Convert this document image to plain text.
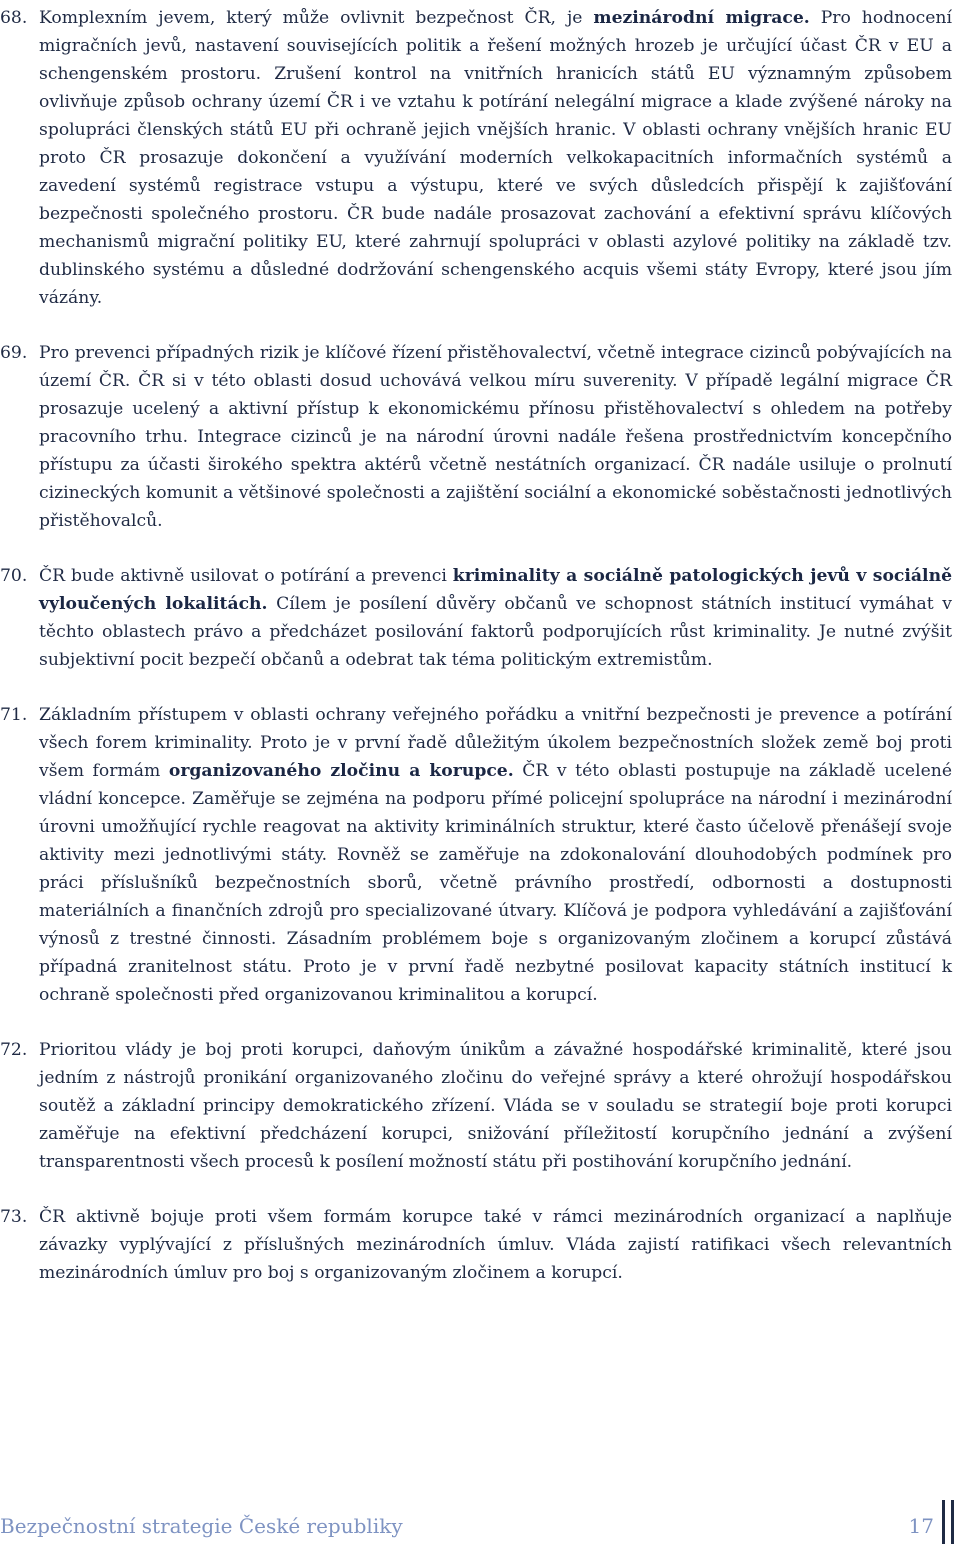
68. Komplexním jevem, který může ovlivnit bezpečnost ČR, je mezinárodní migrace. Pro hodnocení migračních jevů, nastavení souvisejících politik a řešení možných hrozeb je určující účast ČR v EU a schengenském prostoru. Zrušení kontrol na vnitřních hranicích států EU významným způsobem ovlivňuje způsob ochrany území ČR i ve vztahu k potírání nelegální migrace a klade zvýšené nároky na spolupráci členských států EU při ochraně jejich vnějších hranic. V oblasti ochrany vnějších hranic EU proto ČR prosazuje dokončení a využívání moderních velkokapacitních informačních systémů a zavedení systémů registrace vstupu a výstupu, které ve svých důsledcích přispějí k zajišťování bezpečnosti společného prostoru. ČR bude nadále prosazovat zachování a efektivní správu klíčových mechanismů migrační politiky EU, které zahrnují spolupráci v oblasti azylové politiky na základě tzv. dublinského systému a důsledné dodržování schengenského acquis všemi státy Evropy, které jsou jím vázány.
69. Pro prevenci případných rizik je klíčové řízení přistěhovalectví, včetně integrace cizinců pobývajících na území ČR. ČR si v této oblasti dosud uchovává velkou míru suverenity. V případě legální migrace ČR prosazuje ucelený a aktivní přístup k ekonomickému přínosu přistěhovalectví s ohledem na potřeby pracovního trhu. Integrace cizinců je na národní úrovni nadále řešena prostřednictvím koncepčního přístupu za účasti širokého spektra aktérů včetně nestátních organizací. ČR nadále usiluje o prolnutí cizineckých komunit a většinové společnosti a zajištění sociální a ekonomické soběstačnosti jednotlivých přistěhovalců.
70. ČR bude aktivně usilovat o potírání a prevenci kriminality a sociálně patologických jevů v sociálně vyloučených lokalitách. Cílem je posílení důvěry občanů ve schopnost státních institucí vymáhat v těchto oblastech právo a předcházet posilování faktorů podporujících růst kriminality. Je nutné zvýšit subjektivní pocit bezpečí občanů a odebrat tak téma politickým extremistům.
71. Základním přístupem v oblasti ochrany veřejného pořádku a vnitřní bezpečnosti je prevence a potírání všech forem kriminality. Proto je v první řadě důležitým úkolem bezpečnostních složek země boj proti všem formám organizovaného zločinu a korupce. ČR v této oblasti postupuje na základě ucelené vládní koncepce. Zaměřuje se zejména na podporu přímé policejní spolupráce na národní i mezinárodní úrovni umožňující rychle reagovat na aktivity kriminálních struktur, které často účelově přenášejí svoje aktivity mezi jednotlivými státy. Rovněž se zaměřuje na zdokonalování dlouhodobých podmínek pro práci příslušníků bezpečnostních sborů, včetně právního prostředí, odbornosti a dostupnosti materiálních a finančních zdrojů pro specializované útvary. Klíčová je podpora vyhledávání a zajišťování výnosů z trestné činnosti. Zásadním problémem boje s organizovaným zločinem a korupcí zůstává případná zranitelnost státu. Proto je v první řadě nezbytné posilovat kapacity státních institucí k ochraně společnosti před organizovanou kriminalitou a korupcí.
72. Prioritou vlády je boj proti korupci, daňovým únikům a závažné hospodářské kriminalitě, které jsou jedním z nástrojů pronikání organizovaného zločinu do veřejné správy a které ohrožují hospodářskou soutěž a základní principy demokratického zřízení. Vláda se v souladu se strategií boje proti korupci zaměřuje na efektivní předcházení korupci, snižování příležitostí korupčního jednání a zvýšení transparentnosti všech procesů k posílení možností státu při postihování korupčního jednání.
73. ČR aktivně bojuje proti všem formám korupce také v rámci mezinárodních organizací a naplňuje závazky vyplývající z příslušných mezinárodních úmluv. Vláda zajistí ratifikaci všech relevantních mezinárodních úmluv pro boj s organizovaným zločinem a korupcí.
Bezpečnostní strategie České republiky	17
